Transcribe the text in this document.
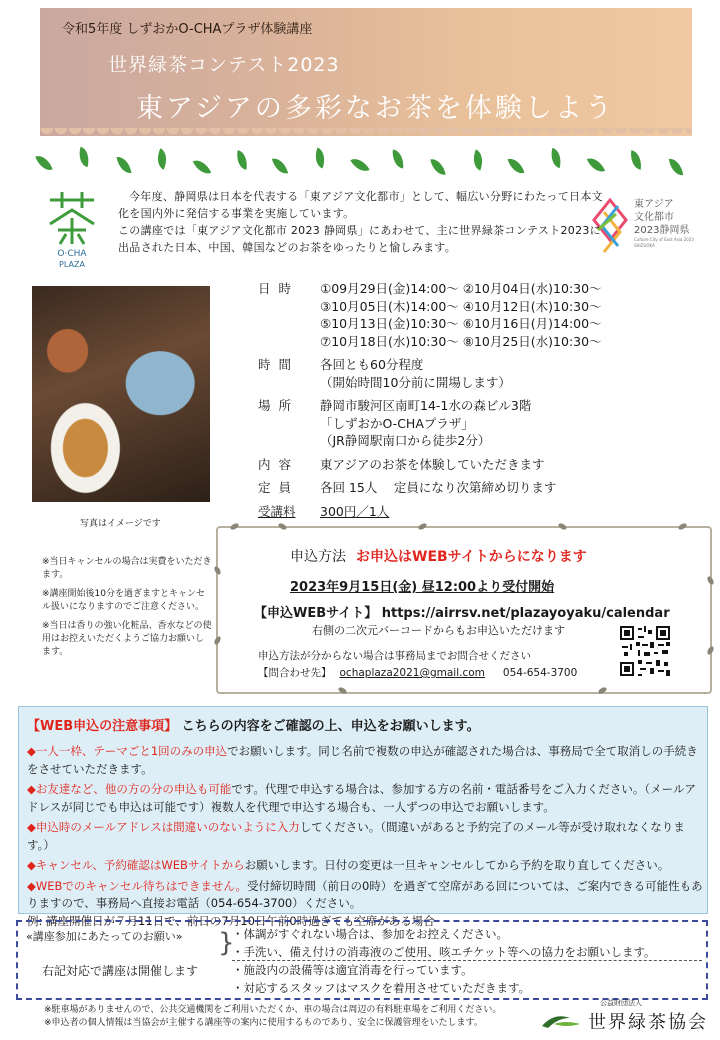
令和5年度 しずおかO-CHAプラザ体験講座
世界緑茶コンテスト2023
東アジアの多彩なお茶を体験しよう
O·CHA
PLAZA
東アジア
文化都市
2023静岡県
Culture City of East Asia 2023 SHIZUOKA
今年度、静岡県は日本を代表する「東アジア文化都市」として、幅広い分野にわたって日本文化を国内外に発信する事業を実施しています。
この講座では「東アジア文化都市 2023 静岡県」にあわせて、主に世界緑茶コンテスト2023に出品された日本、中国、韓国などのお茶をゆったりと愉しみます。
写真はイメージです
日 時	①09月29日(金)14:00～ ②10月04日(水)10:30～
③10月05日(木)14:00～ ④10月12日(木)10:30～
⑤10月13日(金)10:30～ ⑥10月16日(月)14:00～
⑦10月18日(水)10:30～ ⑧10月25日(水)10:30～
時 間	各回とも60分程度
（開始時間10分前に開場します）
場 所	静岡市駿河区南町14-1水の森ビル3階
「しずおかO-CHAプラザ」
（JR静岡駅南口から徒歩2分）
内 容	東アジアのお茶を体験していただきます
定 員	各回 15人　 定員になり次第締め切ります
受講料	300円／1人

※当日キャンセルの場合は実費をいただきます。

※講座開始後10分を過ぎますとキャンセル扱いになりますのでご注意ください。

※当日は香りの強い化粧品、香水などの使用はお控えいただくようご協力お願いします。

申込方法 お申込はWEBサイトからになります
2023年9月15日(金) 昼12:00より受付開始
【申込WEBサイト】 https://airrsv.net/plazayoyaku/calendar
右側の二次元バーコードからもお申込いただけます
申込方法が分からない場合は事務局までお問合せください
【問合わせ先】 ochaplaza2021@gmail.com 054-654-3700
【WEB申込の注意事項】 こちらの内容をご確認の上、申込をお願いします。
◆一人一枠、テーマごと1回のみの申込でお願いします。同じ名前で複数の申込が確認された場合は、事務局で全て取消しの手続きをさせていただきます。
◆お友達など、他の方の分の申込も可能です。代理で申込する場合は、参加する方の名前・電話番号をご入力ください。（メールアドレスが同じでも申込は可能です）複数人を代理で申込する場合も、一人ずつの申込でお願いします。
◆申込時のメールアドレスは間違いのないように入力してください。（間違いがあると予約完了のメール等が受け取れなくなります。）
◆キャンセル、予約確認はWEBサイトからお願いします。日付の変更は一旦キャンセルしてから予約を取り直してください。
◆WEBでのキャンセル待ちはできません。受付締切時間（前日の0時）を過ぎて空席がある回については、ご案内できる可能性もありますので、事務局へ直接お電話（054-654-3700）ください。
例: 講座開催日が７月11日で、前日の7月10日午前0時過ぎても空席がある場合
«講座参加にあたってのお願い»
右記対応で講座は開催します
}
・体調がすぐれない場合は、参加をお控えください。
・手洗い、備え付けの消毒液のご使用、咳エチケット等への協力をお願いします。
・施設内の設備等は適宜消毒を行っています。
・対応するスタッフはマスクを着用させていただきます。
※駐車場がありませんので、公共交通機関をご利用いただくか、車の場合は周辺の有料駐車場をご利用ください。
※申込者の個人情報は当協会が主催する講座等の案内に使用するものであり、安全に保護管理をいたします。
公益財団法人
世界緑茶協会
